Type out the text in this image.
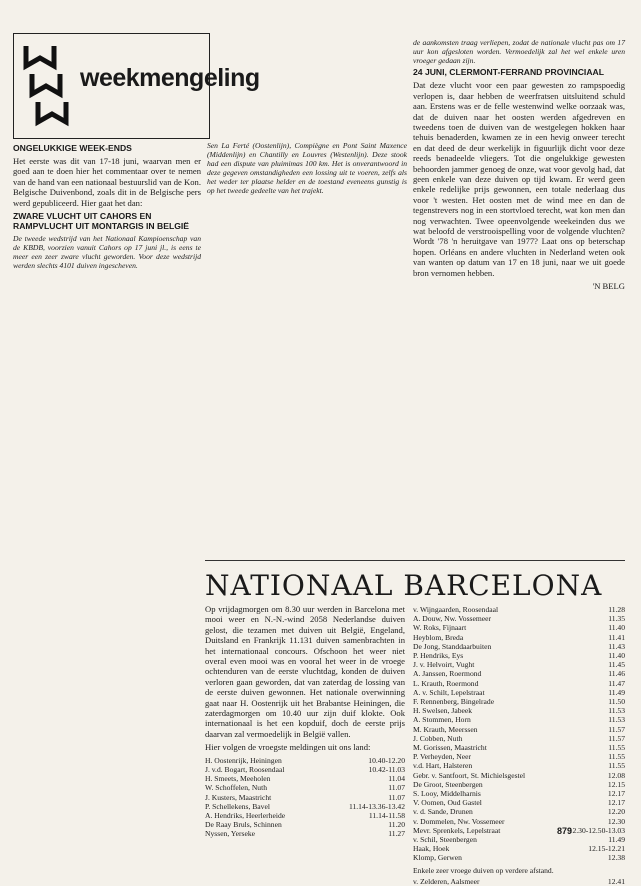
weekmengeling
ONGELUKKIGE WEEK-ENDS
Het eerste was dit van 17-18 juni, waarvan men er goed aan te doen hier het commentaar over te nemen van de hand van een nationaal bestuurslid van de Kon. Belgische Duivenbond, zoals dit in de Belgische pers werd gepubliceerd. Hier gaat het dan:
ZWARE VLUCHT UIT CAHORS EN RAMPVLUCHT UIT MONTARGIS IN BELGIË
De tweede wedstrijd van het Nationaal Kampioenschap van de KBDB, voorzien vanuit Cahors op 17 juni jl., is eens te meer een zeer zware vlucht geworden. Voor deze wedstrijd werden slechts 4101 duiven ingescheven.
Sen La Ferté (Oostenlijn), Compiègne en Pont Saint Maxence (Middenlijn) en Chantilly en Louvres (Westenlijn). Deze stook had een dispute van pluimimas 100 km. Het is onverantwoord in deze gegeven omstandigheden een lossing uit te voeren, zelfs als het weder ter plaatse helder en de toestand eveneens gunstig is op het tweede gedeelte van het trajekt.
de aankomsten traag verliepen, zodat de nationale vlucht pas om 17 uur kon afgesloten worden. Vermoedelijk zal het wel enkele uren vroeger gedaan zijn.
24 JUNI, CLERMONT-FERRAND PROVINCIAAL
Dat deze vlucht voor een paar gewesten zo rampspoedig verlopen is, daar hebben de weerfratsen uitsluitend schuld aan. Erstens was er de felle westenwind welke oorzaak was, dat de duiven naar het oosten werden afgedreven en tweedens toen de duiven van de westgelegen hokken haar tehuis benaderden, kwamen ze in een hevig onweer terecht en dat deed de deur werkelijk in figuurlijk dicht voor deze reeds benadeelde vliegers. Tot die ongelukkige gewesten behoorden jammer genoeg de onze, wat voor gevolg had, dat geen enkele van deze duiven op tijd kwam. Er werd geen enkele redelijke prijs gewonnen, een totale nederlaag dus voor 't westen. Het oosten met de wind mee en dan de tegenstrevers nog in een stortvloed terecht, wat kon men dan nog verwachten. Twee opeenvolgende weekeinden dus we wat beloofd de verstrooispelling voor de volgende vluchten? Wordt '78 'n heruitgave van 1977? Laat ons op beterschap hopen. Orléans en andere vluchten in Nederland weten ook van wanten op datum van 17 en 18 juni, naar we uit goede bron vernomen hebben.
'N BELG
NATIONAAL BARCELONA
Op vrijdagmorgen om 8.30 uur werden in Barcelona met mooi weer en N.-N.-wind 2058 Nederlandse duiven gelost, die tezamen met duiven uit België, Engeland, Duitsland en Frankrijk 11.131 duiven samenbrachten in het internationaal concours. Ofschoon het weer niet overal even mooi was en vooral het weer in de vroege ochtenduren van de eerste vluchtdag, konden de duiven verloren gaan geworden, dat van zaterdag de lossing van de eerste duiven gewonnen. Het nationale overwinning gaat naar H. Oostenrijk uit het Brabantse Heiningen, die zaterdagmorgen om 10.40 uur zijn duif klokte. Ook internationaal is het een kopduif, doch de eerste prijs daarvan zal vermoedelijk in België vallen.
Hier volgen de vroegste meldingen uit ons land:
H. Oostenrijk, Heiningen	10.40-12.20
J. v.d. Bogart, Roosendaal	10.42-11.03
H. Smeets, Meeholen	11.04
W. Schoffelen, Nuth	11.07
J. Kusters, Maastricht	11.07
P. Schellekens, Bavel	11.14-13.36-13.42
A. Hendriks, Heerlerheide	11.14-11.58
De Raay Bruls, Schinnen	11.20
Nyssen, Yerseke	11.27
v. Wijngaarden, Roosendaal	11.28
A. Douw, Nw. Vossemeer	11.35
W. Roks, Fijnaart	11.40
Heyblom, Breda	11.41
De Jong, Standdaarbuiten	11.43
P. Hendriks, Eys	11.40
J. v. Helvoirt, Vught	11.45
A. Janssen, Roermond	11.46
L. Krauth, Roermond	11.47
A. v. Schilt, Lepelstraat	11.49
F. Rennenberg, Bingelrade	11.50
H. Swelsen, Jabeek	11.53
A. Stommen, Horn	11.53
M. Krauth, Meerssen	11.57
J. Cobben, Nuth	11.57
M. Gorissen, Maastricht	11.55
P. Verheyden, Neer	11.55
v.d. Hart, Halsteren	11.55
Gebr. v. Santfoort, St. Michielsgestel	12.08
De Groot, Steenbergen	12.15
S. Looy, Middelharnis	12.17
V. Oomen, Oud Gastel	12.17
v. d. Sande, Drunen	12.20
v. Dommelen, Nw. Vossemeer	12.30
Mevr. Sprenkels, Lepelstraat	12.30-12.50-13.03
v. Schil, Steenbergen	11.49
Haak, Hoek	12.15-12.21
Klomp, Gerwen	12.38
Enkele zeer vroege duiven op verdere afstand.
v. Zelderen, Aalsmeer	12.41
879
